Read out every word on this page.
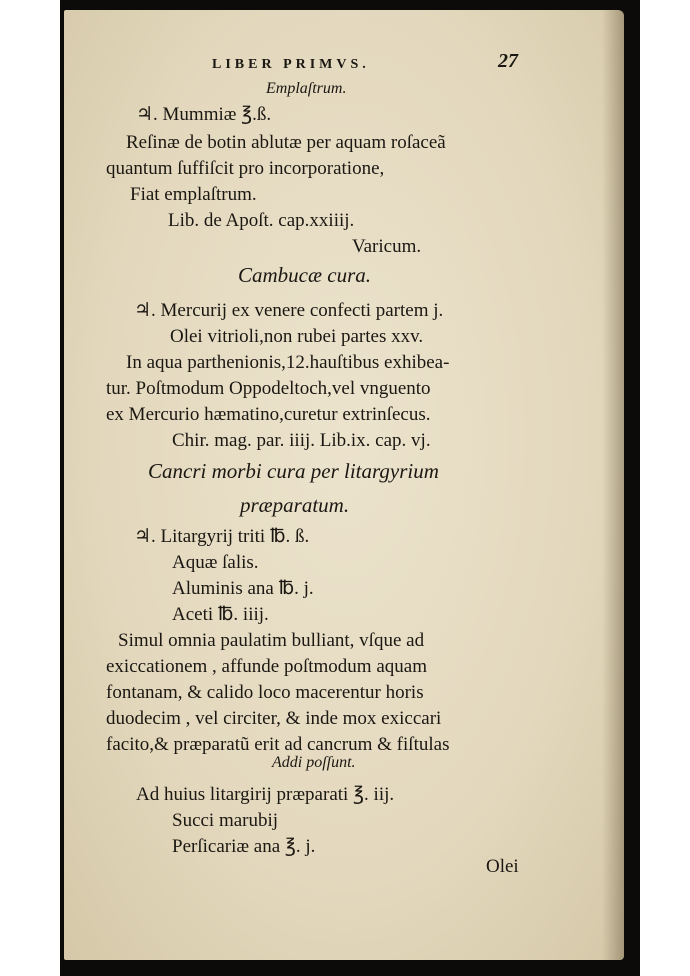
LIBER PRIMVS.	27
Emplaſtrum.
♃. Mummiæ ℥.ß.
Reſinæ de botin ablutæ per aquam roſaceã
quantum ſuffiſcit pro incorporatione,
Fiat emplaſtrum.
Lib. de Apoſt. cap.xxiiij.
Varicum.
Cambucæ cura.
♃. Mercurij ex venere confecti partem j.
Olei vitrioli,non rubei partes xxv.
In aqua parthenionis,12.hauſtibus exhibea-
tur. Poſtmodum Oppodeltoch,vel vnguento
ex Mercurio hæmatino,curetur extrinſecus.
Chir. mag. par. iiij. Lib.ix. cap. vj.
Cancri morbi cura per litargyrium
præparatum.
♃. Litargyrij triti ℔. ß.
Aquæ ſalis.
Aluminis ana ℔. j.
Aceti ℔. iiij.
Simul omnia paulatim bulliant, vſque ad
exiccationem , affunde poſtmodum aquam
fontanam, & calido loco macerentur horis
duodecim , vel circiter, & inde mox exiccari
facito,& præparatũ erit ad cancrum & fiſtulas
Addi poſſunt.
Ad huius litargirij præparati ℥. iij.
Succi marubij
Perſicariæ ana ℥. j.
Olei
